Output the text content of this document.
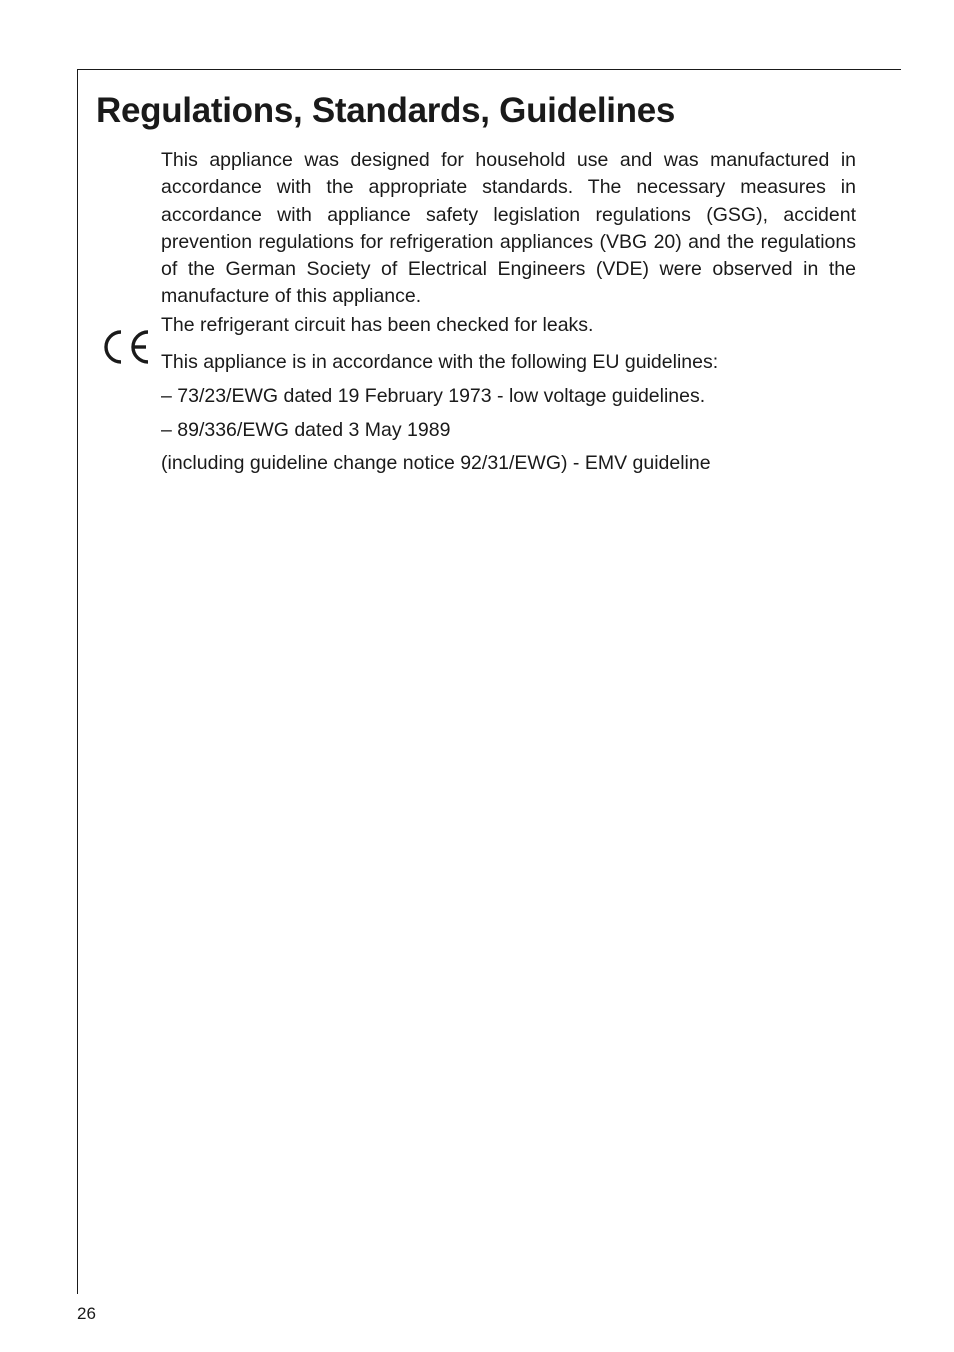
Regulations, Standards, Guidelines

This appliance was designed for household use and was manufactured in accordance with the appropriate standards. The necessary measures in accordance with appliance safety legislation regulations (GSG), accident prevention regulations for refrigeration appliances (VBG 20) and the regulations of the German Society of Electrical Engineers (VDE) were observed in the manufacture of this appliance.

The refrigerant circuit has been checked for leaks.

This appliance is in accordance with the following EU guidelines:

– 73/23/EWG dated 19 February 1973 - low voltage guidelines.

– 89/336/EWG dated 3 May 1989

(including guideline change notice 92/31/EWG) - EMV guideline

26
